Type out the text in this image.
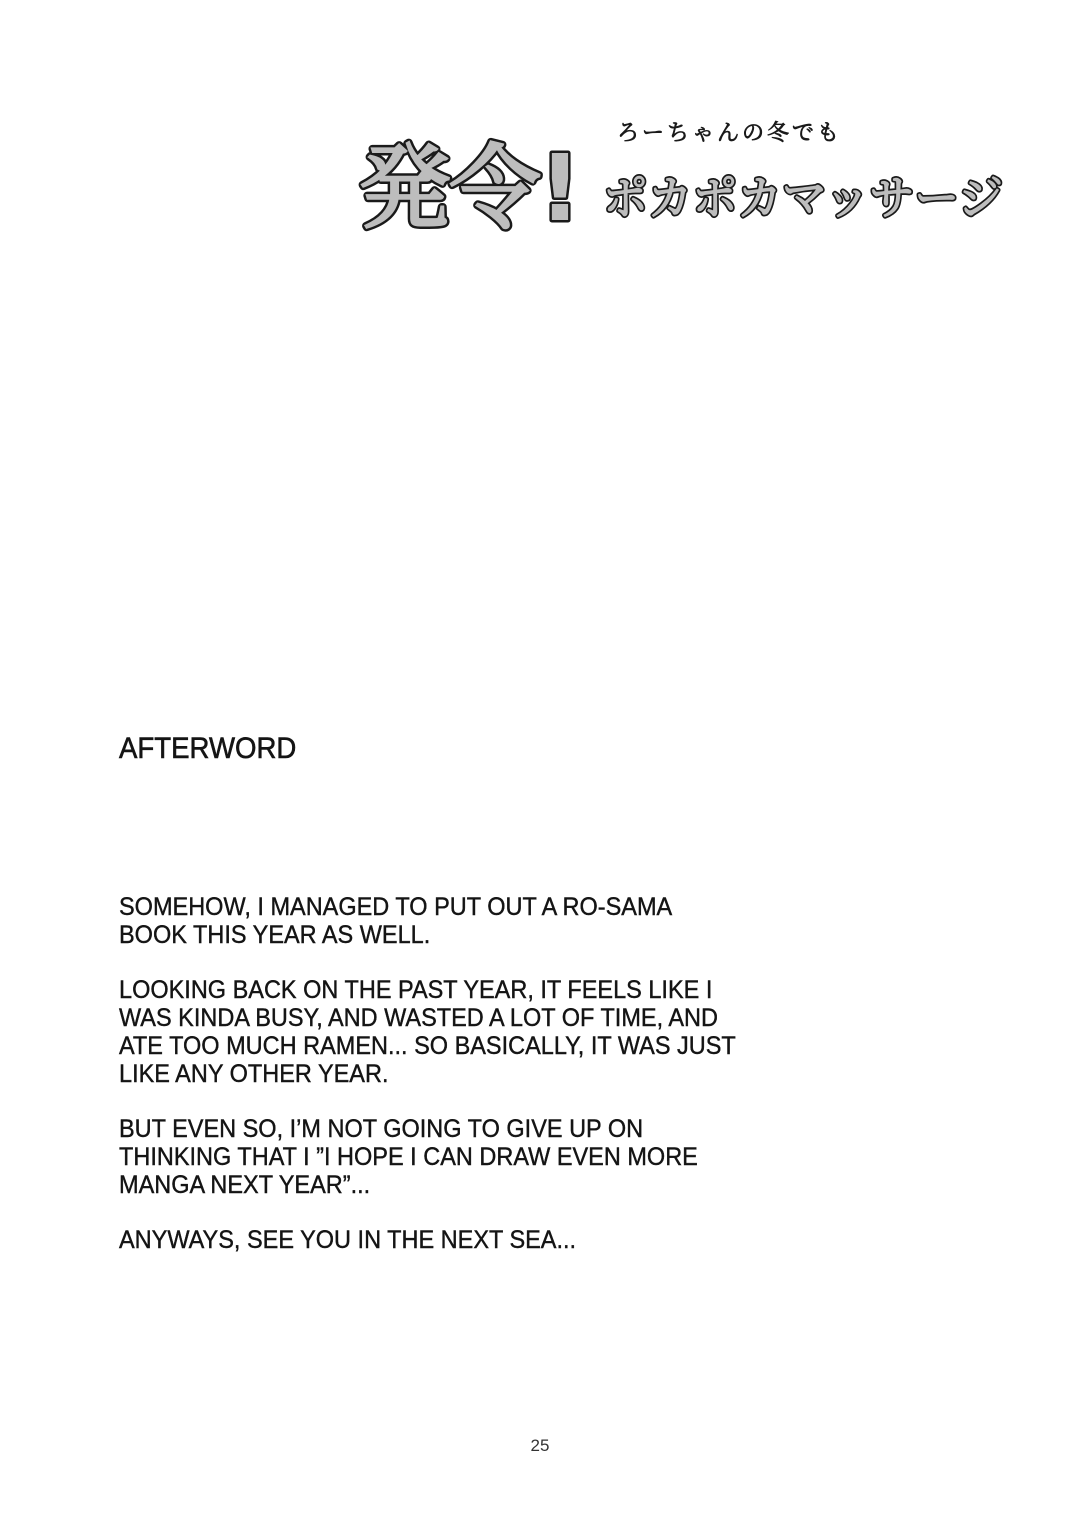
発令!
ろーちゃんの冬でも
ポカポカマッサージ
AFTERWORD

SOMEHOW, I MANAGED TO PUT OUT A RO-SAMA
BOOK THIS YEAR AS WELL.

LOOKING BACK ON THE PAST YEAR, IT FEELS LIKE I
WAS KINDA BUSY, AND WASTED A LOT OF TIME, AND
ATE TOO MUCH RAMEN... SO BASICALLY, IT WAS JUST
LIKE ANY OTHER YEAR.

BUT EVEN SO, I’M NOT GOING TO GIVE UP ON
THINKING THAT I ”I HOPE I CAN DRAW EVEN MORE
MANGA NEXT YEAR”...

ANYWAYS, SEE YOU IN THE NEXT SEA...

25
